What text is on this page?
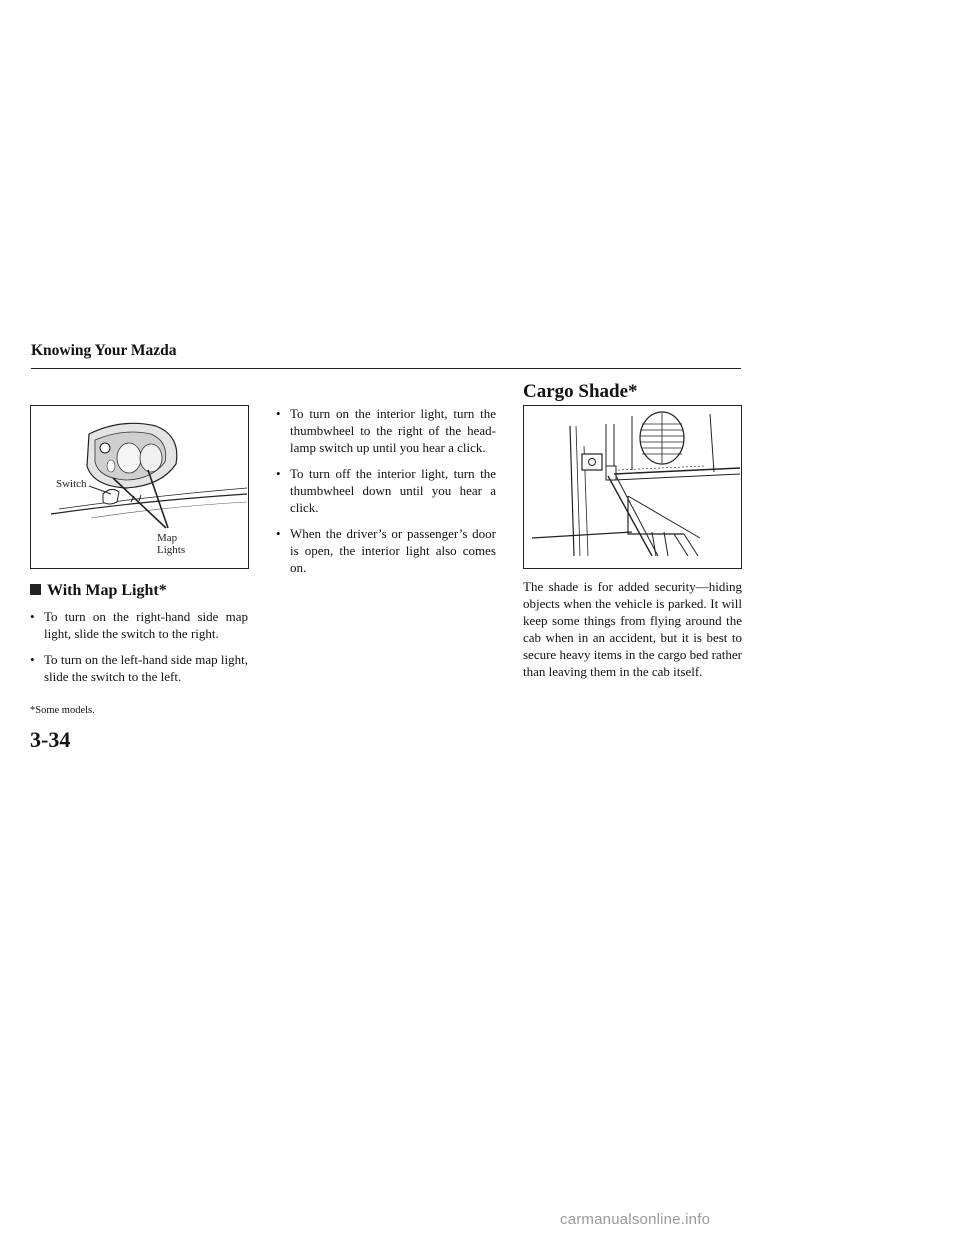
Knowing Your Mazda
Switch
Map
Lights
With Map Light*
• To turn on the right-hand side map light, slide the switch to the right.
• To turn on the left-hand side map light, slide the switch to the left.
• To turn on the interior light, turn the thumbwheel to the right of the head-lamp switch up until you hear a click.
• To turn off the interior light, turn the thumbwheel down until you hear a click.
• When the driver’s or passenger’s door is open, the interior light also comes on.
Cargo Shade*

The shade is for added security—hiding objects when the vehicle is parked. It will keep some things from flying around the cab when in an accident, but it is best to secure heavy items in the cargo bed rather than leaving them in the cab itself.

*Some models.
3-34
carmanualsonline.info
